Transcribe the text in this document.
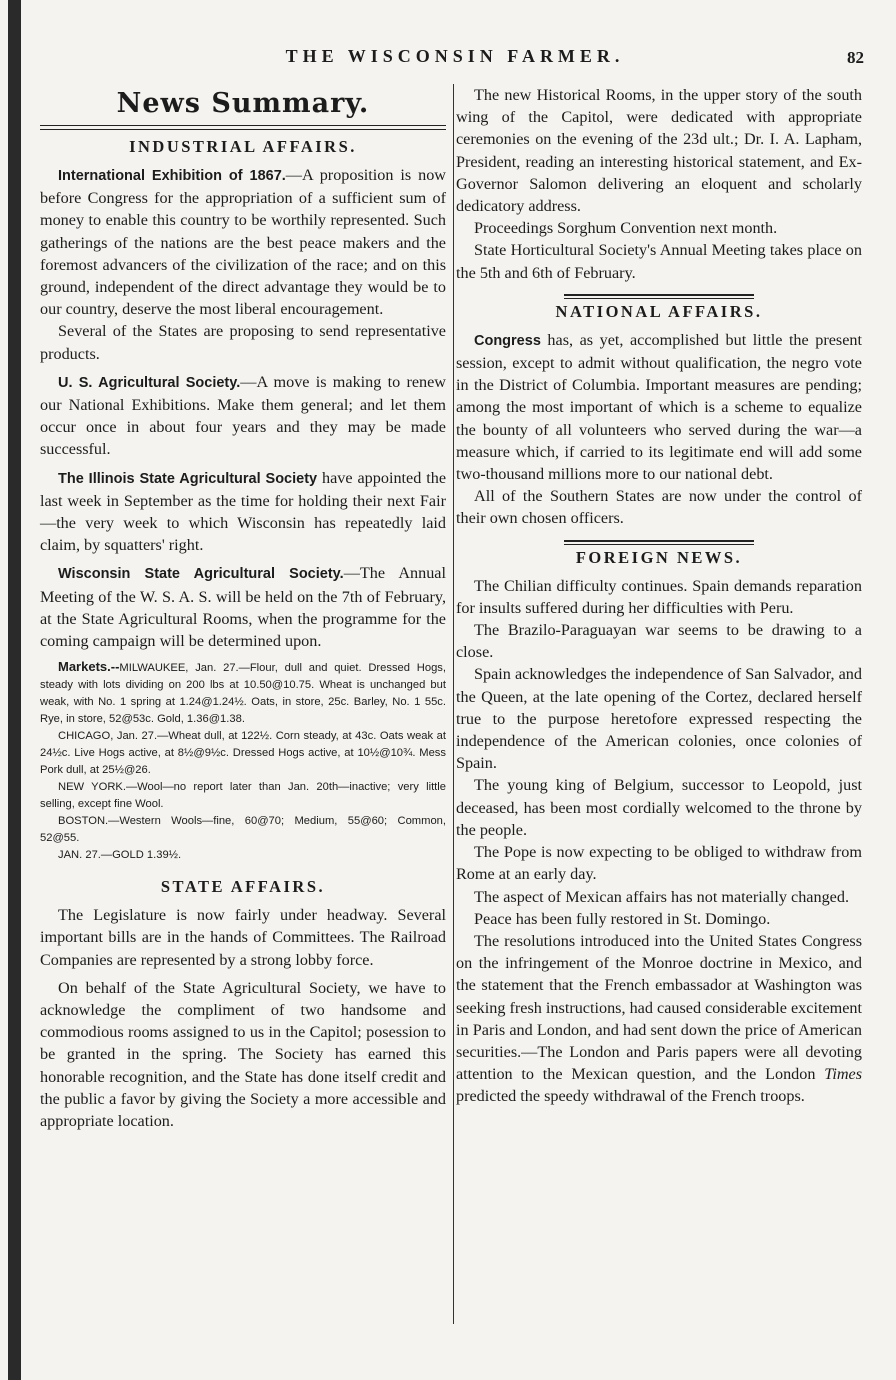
THE WISCONSIN FARMER.	82
News Summary.
INDUSTRIAL AFFAIRS.

International Exhibition of 1867.—A proposition is now before Congress for the appropriation of a sufficient sum of money to enable this country to be worthily represented. Such gatherings of the nations are the best peace makers and the foremost advancers of the civilization of the race; and on this ground, independent of the direct advantage they would be to our country, deserve the most liberal encouragement.

Several of the States are proposing to send representative products.

U. S. Agricultural Society.—A move is making to renew our National Exhibitions. Make them general; and let them occur once in about four years and they may be made successful.

The Illinois State Agricultural Society have appointed the last week in September as the time for holding their next Fair—the very week to which Wisconsin has repeatedly laid claim, by squatters' right.

Wisconsin State Agricultural Society.—The Annual Meeting of the W. S. A. S. will be held on the 7th of February, at the State Agricultural Rooms, when the programme for the coming campaign will be determined upon.

Markets.--MILWAUKEE, Jan. 27.—Flour, dull and quiet. Dressed Hogs, steady with lots dividing on 200 lbs at 10.50@10.75. Wheat is unchanged but weak, with No. 1 spring at 1.24@1.24½. Oats, in store, 25c. Barley, No. 1 55c. Rye, in store, 52@53c. Gold, 1.36@1.38.

CHICAGO, Jan. 27.—Wheat dull, at 122½. Corn steady, at 43c. Oats weak at 24½c. Live Hogs active, at 8½@9½c. Dressed Hogs active, at 10½@10¾. Mess Pork dull, at 25½@26.

NEW YORK.—Wool—no report later than Jan. 20th—inactive; very little selling, except fine Wool.

BOSTON.—Western Wools—fine, 60@70; Medium, 55@60; Common, 52@55.

JAN. 27.—GOLD 1.39½.

STATE AFFAIRS.

The Legislature is now fairly under headway. Several important bills are in the hands of Committees. The Railroad Companies are represented by a strong lobby force.

On behalf of the State Agricultural Society, we have to acknowledge the compliment of two handsome and commodious rooms assigned to us in the Capitol; posession to be granted in the spring. The Society has earned this honorable recognition, and the State has done itself credit and the public a favor by giving the Society a more accessible and appropriate location.

The new Historical Rooms, in the upper story of the south wing of the Capitol, were dedicated with appropriate ceremonies on the evening of the 23d ult.; Dr. I. A. Lapham, President, reading an interesting historical statement, and Ex-Governor Salomon delivering an eloquent and scholarly dedicatory address.

Proceedings Sorghum Convention next month.

State Horticultural Society's Annual Meeting takes place on the 5th and 6th of February.

NATIONAL AFFAIRS.

Congress has, as yet, accomplished but little the present session, except to admit without qualification, the negro vote in the District of Columbia. Important measures are pending; among the most important of which is a scheme to equalize the bounty of all volunteers who served during the war—a measure which, if carried to its legitimate end will add some two-thousand millions more to our national debt.

All of the Southern States are now under the control of their own chosen officers.

FOREIGN NEWS.

The Chilian difficulty continues. Spain demands reparation for insults suffered during her difficulties with Peru.

The Brazilo-Paraguayan war seems to be drawing to a close.

Spain acknowledges the independence of San Salvador, and the Queen, at the late opening of the Cortez, declared herself true to the purpose heretofore expressed respecting the independence of the American colonies, once colonies of Spain.

The young king of Belgium, successor to Leopold, just deceased, has been most cordially welcomed to the throne by the people.

The Pope is now expecting to be obliged to withdraw from Rome at an early day.

The aspect of Mexican affairs has not materially changed.

Peace has been fully restored in St. Domingo.

The resolutions introduced into the United States Congress on the infringement of the Monroe doctrine in Mexico, and the statement that the French embassador at Washington was seeking fresh instructions, had caused considerable excitement in Paris and London, and had sent down the price of American securities.—The London and Paris papers were all devoting attention to the Mexican question, and the London Times predicted the speedy withdrawal of the French troops.
